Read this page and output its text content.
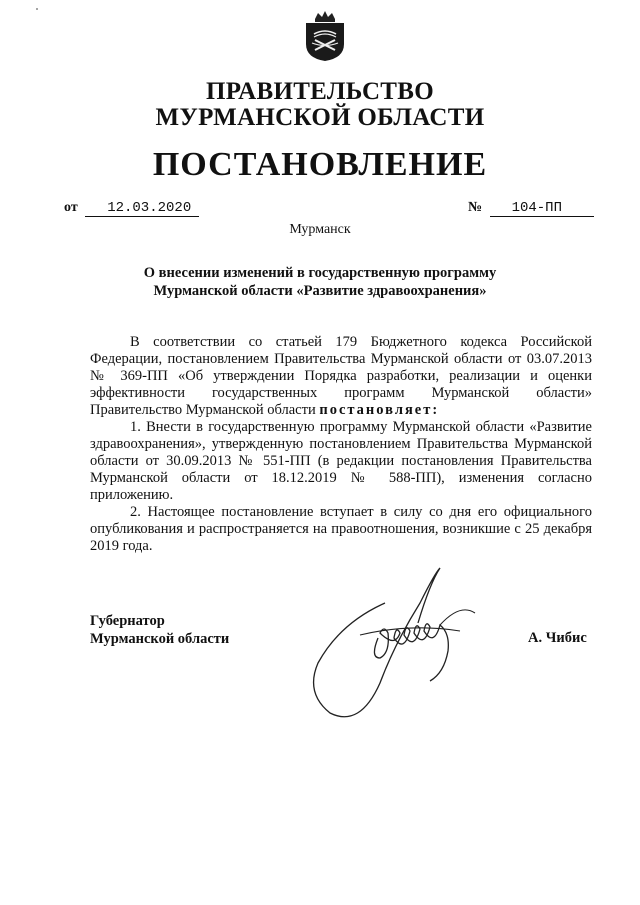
ПРАВИТЕЛЬСТВО
МУРМАНСКОЙ ОБЛАСТИ
ПОСТАНОВЛЕНИЕ
от 12.03.2020	№ 104-ПП
Мурманск
О внесении изменений в государственную программу
Мурманской области «Развитие здравоохранения»

В соответствии со статьей 179 Бюджетного кодекса Российской Федерации, постановлением Правительства Мурманской области от 03.07.2013 № 369-ПП «Об утверждении Порядка разработки, реализации и оценки эффективности государственных программ Мурманской области» Правительство Мурманской области постановляет:

1. Внести в государственную программу Мурманской области «Развитие здравоохранения», утвержденную постановлением Правительства Мурманской области от 30.09.2013 № 551-ПП (в редакции постановления Правительства Мурманской области от 18.12.2019 № 588-ПП), изменения согласно приложению.

2. Настоящее постановление вступает в силу со дня его официального опубликования и распространяется на правоотношения, возникшие с 25 декабря 2019 года.

Губернатор
Мурманской области	А. Чибис
